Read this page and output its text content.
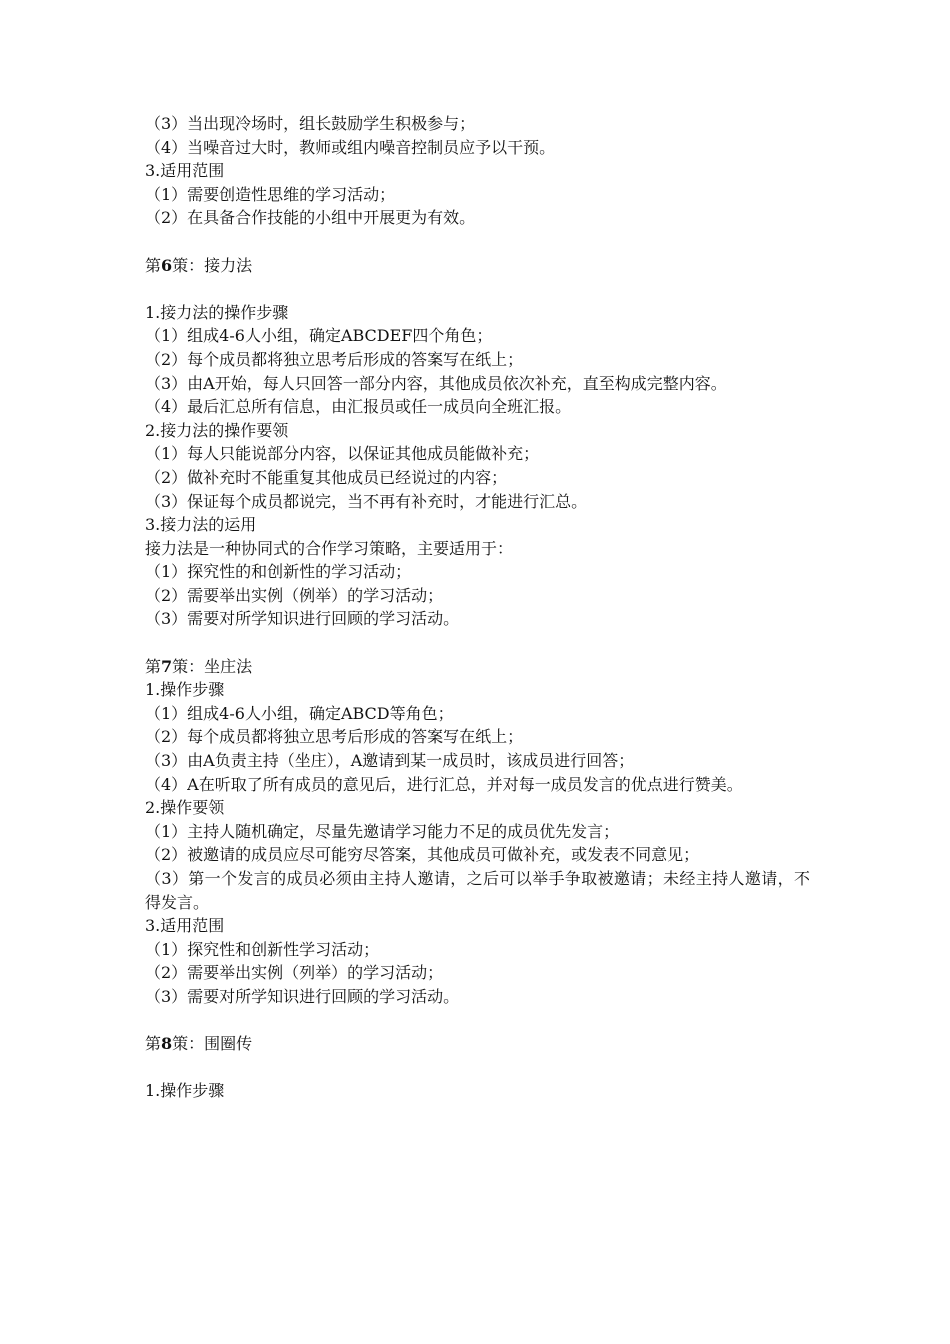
（3）当出现冷场时，组长鼓励学生积极参与；
（4）当噪音过大时，教师或组内噪音控制员应予以干预。
3.适用范围
（1）需要创造性思维的学习活动；
（2）在具备合作技能的小组中开展更为有效。
第6策：接力法
1.接力法的操作步骤
（1）组成4-6人小组，确定ABCDEF四个角色；
（2）每个成员都将独立思考后形成的答案写在纸上；
（3）由A开始，每人只回答一部分内容，其他成员依次补充，直至构成完整内容。
（4）最后汇总所有信息，由汇报员或任一成员向全班汇报。
2.接力法的操作要领
（1）每人只能说部分内容，以保证其他成员能做补充；
（2）做补充时不能重复其他成员已经说过的内容；
（3）保证每个成员都说完，当不再有补充时，才能进行汇总。
3.接力法的运用
接力法是一种协同式的合作学习策略，主要适用于：
（1）探究性的和创新性的学习活动；
（2）需要举出实例（例举）的学习活动；
（3）需要对所学知识进行回顾的学习活动。
第7策：坐庄法
1.操作步骤
（1）组成4-6人小组，确定ABCD等角色；
（2）每个成员都将独立思考后形成的答案写在纸上；
（3）由A负责主持（坐庄），A邀请到某一成员时，该成员进行回答；
（4）A在听取了所有成员的意见后，进行汇总，并对每一成员发言的优点进行赞美。
2.操作要领
（1）主持人随机确定，尽量先邀请学习能力不足的成员优先发言；
（2）被邀请的成员应尽可能穷尽答案，其他成员可做补充，或发表不同意见；
（3）第一个发言的成员必须由主持人邀请，之后可以举手争取被邀请；未经主持人邀请，不得发言。
3.适用范围
（1）探究性和创新性学习活动；
（2）需要举出实例（列举）的学习活动；
（3）需要对所学知识进行回顾的学习活动。
第8策：围圈传
1.操作步骤
